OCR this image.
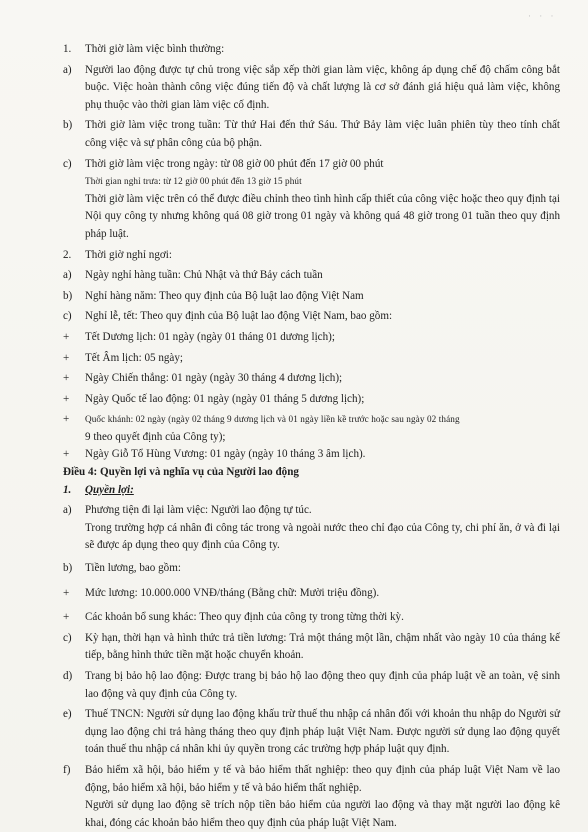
· · ·
1.	Thời giờ làm việc bình thường:
a)	Người lao động được tự chủ trong việc sắp xếp thời gian làm việc, không áp dụng chế độ chấm công bắt buộc. Việc hoàn thành công việc đúng tiến độ và chất lượng là cơ sở đánh giá hiệu quả làm việc, không phụ thuộc vào thời gian làm việc cố định.
b)	Thời giờ làm việc trong tuần: Từ thứ Hai đến thứ Sáu. Thứ Bảy làm việc luân phiên tùy theo tính chất công việc và sự phân công của bộ phận.
c)	Thời giờ làm việc trong ngày: từ 08 giờ 00 phút đến 17 giờ 00 phút
Thời gian nghỉ trưa: từ 12 giờ 00 phút đến 13 giờ 15 phút
Thời giờ làm việc trên có thể được điều chỉnh theo tình hình cấp thiết của công việc hoặc theo quy định tại Nội quy công ty nhưng không quá 08 giờ trong 01 ngày và không quá 48 giờ trong 01 tuần theo quy định pháp luật.
2.	Thời giờ nghỉ ngơi:
a)	Ngày nghỉ hàng tuần: Chủ Nhật và thứ Bảy cách tuần
b)	Nghỉ hàng năm: Theo quy định của Bộ luật lao động Việt Nam
c)	Nghỉ lễ, tết: Theo quy định của Bộ luật lao động Việt Nam, bao gồm:
+	Tết Dương lịch: 01 ngày (ngày 01 tháng 01 dương lịch);
+	Tết Âm lịch: 05 ngày;
+	Ngày Chiến thắng: 01 ngày (ngày 30 tháng 4 dương lịch);
+	Ngày Quốc tế lao động: 01 ngày (ngày 01 tháng 5 dương lịch);
+	Quốc khánh: 02 ngày (ngày 02 tháng 9 dương lịch và 01 ngày liền kề trước hoặc sau ngày 02 tháng
9 theo quyết định của Công ty);
+	Ngày Giỗ Tổ Hùng Vương: 01 ngày (ngày 10 tháng 3 âm lịch).
Điều 4: Quyền lợi và nghĩa vụ của Người lao động
1.	Quyền lợi:
a)	Phương tiện đi lại làm việc: Người lao động tự túc.
Trong trường hợp cá nhân đi công tác trong và ngoài nước theo chỉ đạo của Công ty, chi phí ăn, ở và đi lại sẽ được áp dụng theo quy định của Công ty.
b)	Tiền lương, bao gồm:
+	Mức lương: 10.000.000 VNĐ/tháng (Bằng chữ: Mười triệu đồng).
+	Các khoản bổ sung khác: Theo quy định của công ty trong từng thời kỳ.
c)	Kỳ hạn, thời hạn và hình thức trả tiền lương: Trả một tháng một lần, chậm nhất vào ngày 10 của tháng kế tiếp, bằng hình thức tiền mặt hoặc chuyển khoản.
d)	Trang bị bảo hộ lao động: Được trang bị bảo hộ lao động theo quy định của pháp luật về an toàn, vệ sinh lao động và quy định của Công ty.
e)	Thuế TNCN: Người sử dụng lao động khấu trừ thuế thu nhập cá nhân đối với khoản thu nhập do Người sử dụng lao động chi trả hàng tháng theo quy định pháp luật Việt Nam. Được người sử dụng lao động quyết toán thuế thu nhập cá nhân khi ủy quyền trong các trường hợp pháp luật quy định.
f)	Bảo hiểm xã hội, bảo hiểm y tế và bảo hiểm thất nghiệp: theo quy định của pháp luật Việt Nam về lao động, bảo hiểm xã hội, bảo hiểm y tế và bảo hiểm thất nghiệp.
Người sử dụng lao động sẽ trích nộp tiền bảo hiểm của người lao động và thay mặt người lao động kê khai, đóng các khoản bảo hiểm theo quy định của pháp luật Việt Nam.
